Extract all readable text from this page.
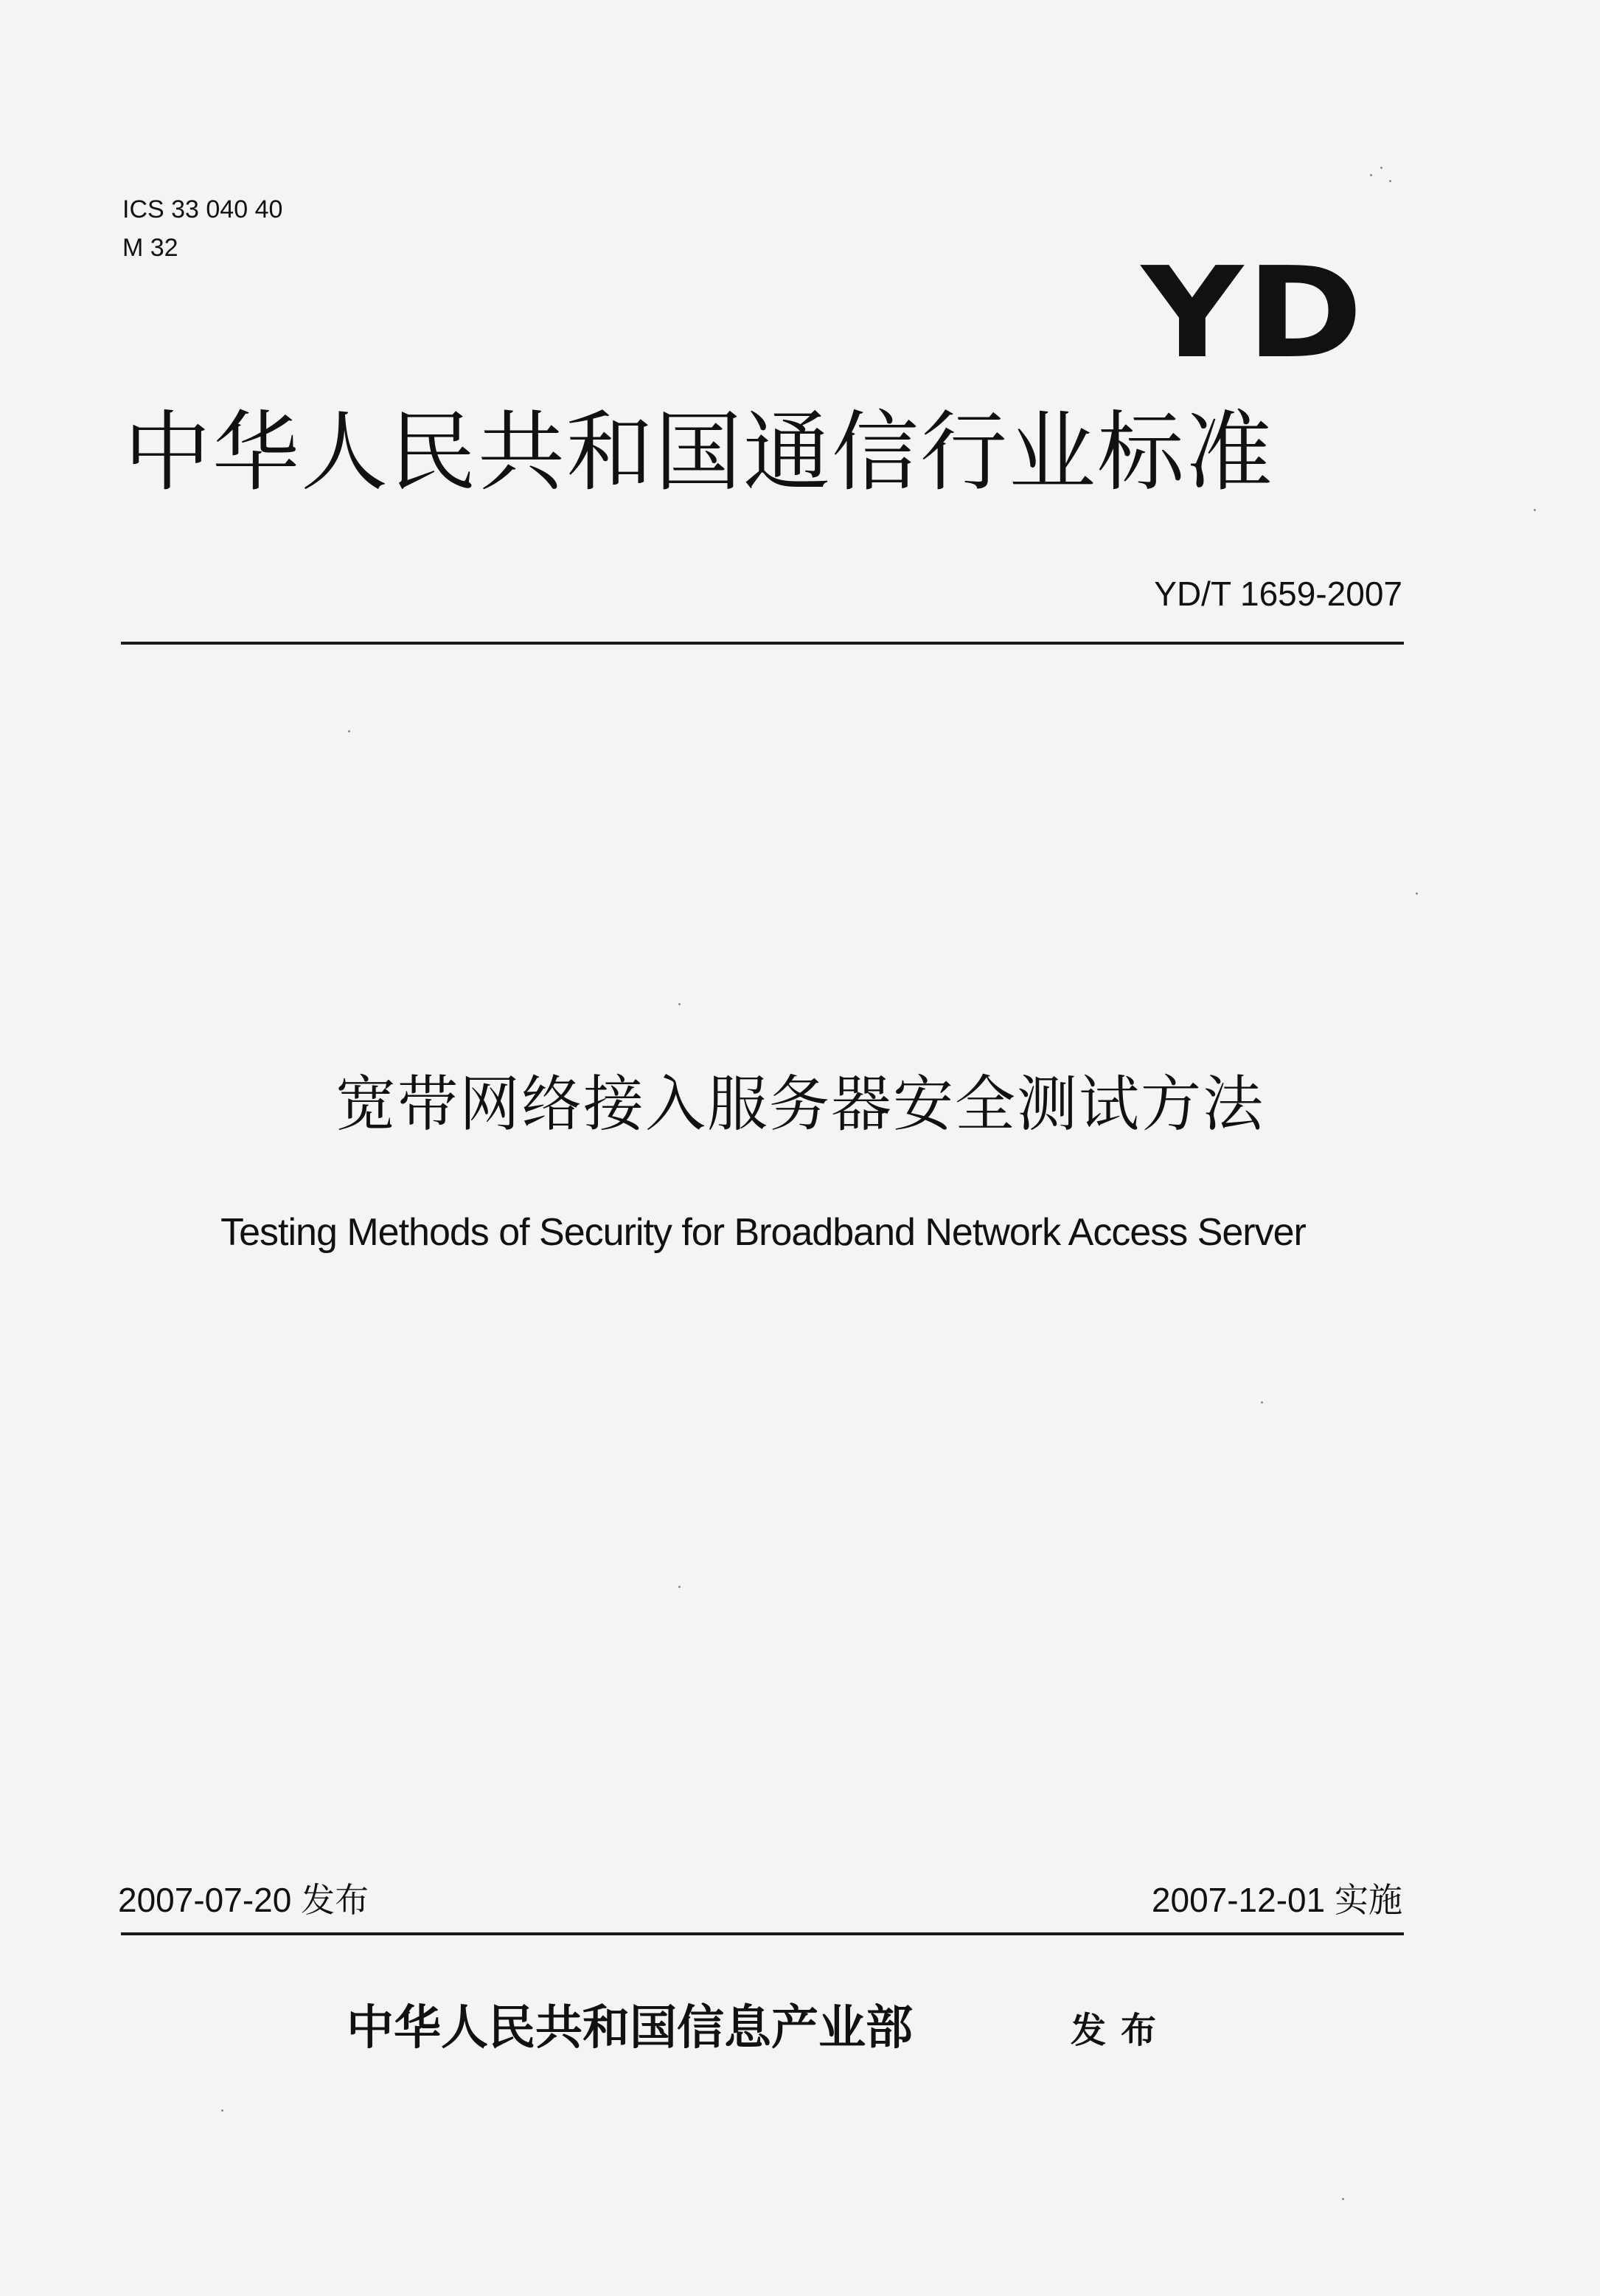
ICS 33 040 40
M 32	YD
中华人民共和国通信行业标准
YD/T 1659-2007
宽带网络接入服务器安全测试方法
Testing Methods of Security for Broadband Network Access Server
2007-07-20 发布	2007-12-01 实施
中华人民共和国信息产业部	发布
